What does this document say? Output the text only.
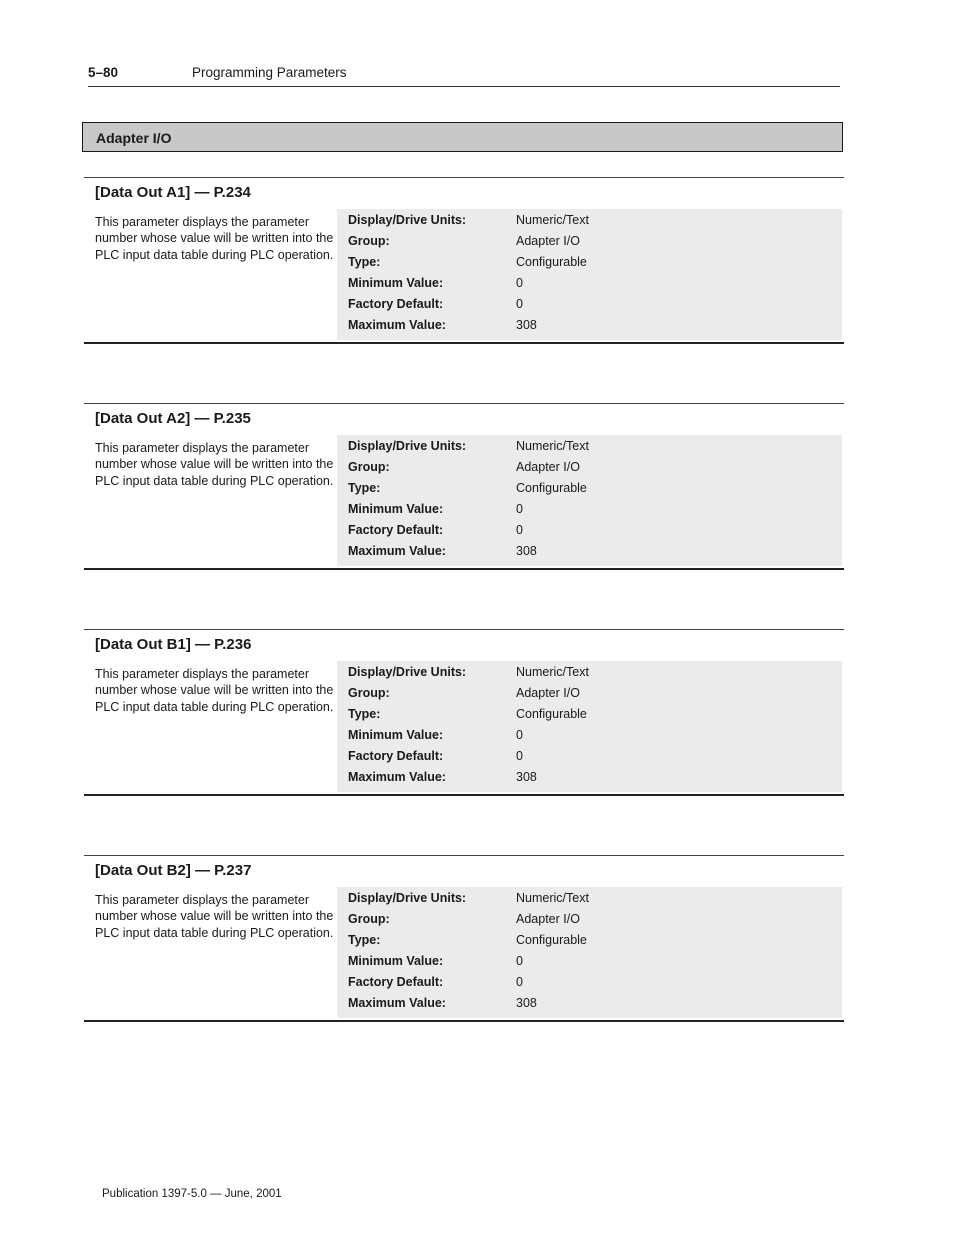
5–80	Programming Parameters
Adapter I/O
[Data Out A1] — P.234
This parameter displays the parameter number whose value will be written into the PLC input data table during PLC operation.
Display/Drive Units:	Numeric/Text
Group:	Adapter I/O
Type:	Configurable
Minimum Value:	0
Factory Default:	0
Maximum Value:	308
[Data Out A2] — P.235
This parameter displays the parameter number whose value will be written into the PLC input data table during PLC operation.
Display/Drive Units:	Numeric/Text
Group:	Adapter I/O
Type:	Configurable
Minimum Value:	0
Factory Default:	0
Maximum Value:	308
[Data Out B1] — P.236
This parameter displays the parameter number whose value will be written into the PLC input data table during PLC operation.
Display/Drive Units:	Numeric/Text
Group:	Adapter I/O
Type:	Configurable
Minimum Value:	0
Factory Default:	0
Maximum Value:	308
[Data Out B2] — P.237
This parameter displays the parameter number whose value will be written into the PLC input data table during PLC operation.
Display/Drive Units:	Numeric/Text
Group:	Adapter I/O
Type:	Configurable
Minimum Value:	0
Factory Default:	0
Maximum Value:	308
Publication 1397-5.0 — June, 2001
